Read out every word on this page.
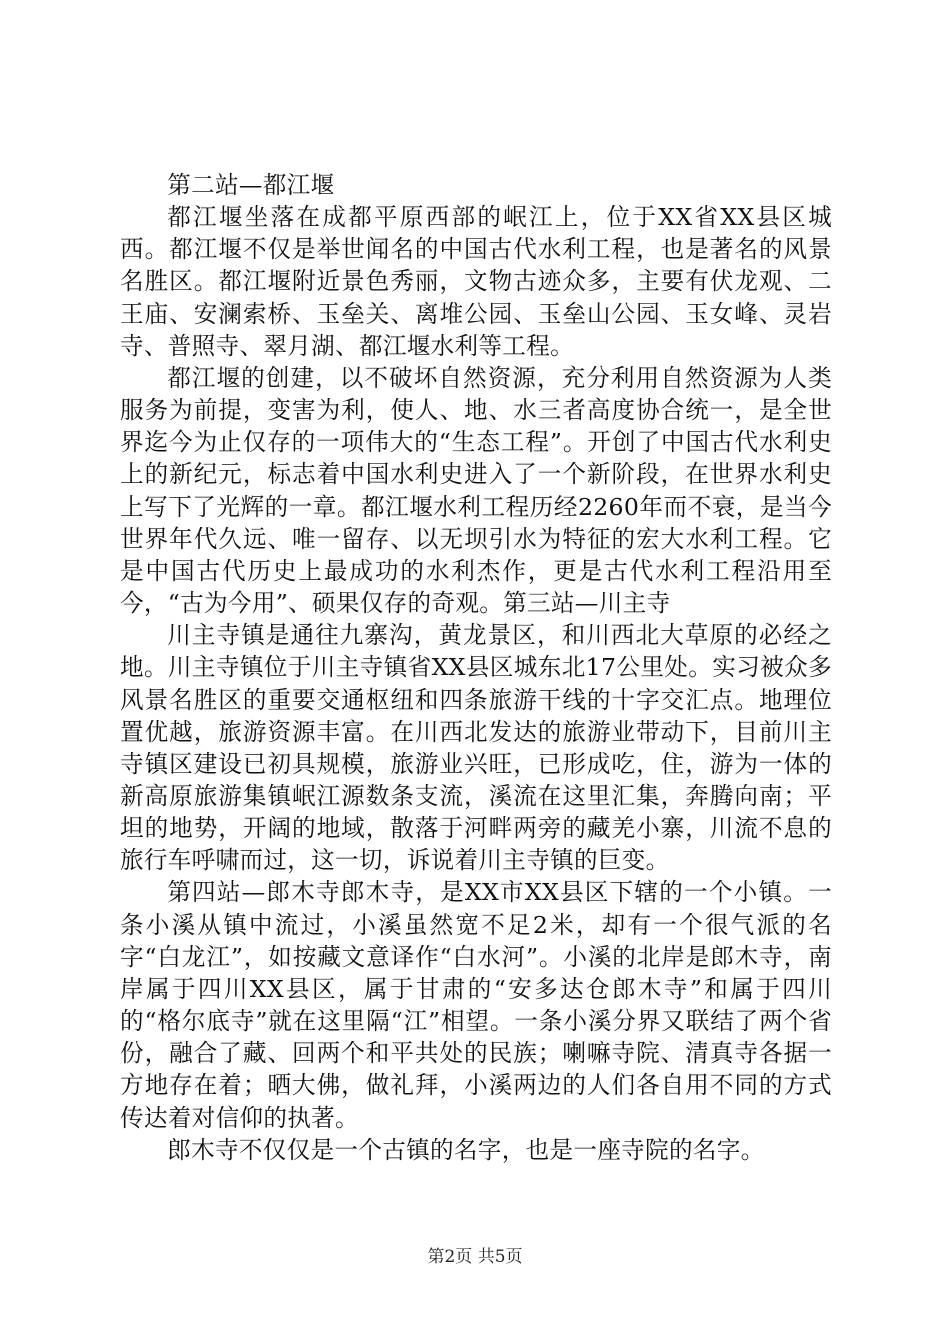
第二站—都江堰

都江堰坐落在成都平原西部的岷江上，位于XX省XX县区城西。都江堰不仅是举世闻名的中国古代水利工程，也是著名的风景名胜区。都江堰附近景色秀丽，文物古迹众多，主要有伏龙观、二王庙、安澜索桥、玉垒关、离堆公园、玉垒山公园、玉女峰、灵岩寺、普照寺、翠月湖、都江堰水利等工程。

都江堰的创建，以不破坏自然资源，充分利用自然资源为人类服务为前提，变害为利，使人、地、水三者高度协合统一，是全世界迄今为止仅存的一项伟大的“生态工程”。开创了中国古代水利史上的新纪元，标志着中国水利史进入了一个新阶段，在世界水利史上写下了光辉的一章。都江堰水利工程历经2260年而不衰，是当今世界年代久远、唯一留存、以无坝引水为特征的宏大水利工程。它是中国古代历史上最成功的水利杰作，更是古代水利工程沿用至今，“古为今用”、硕果仅存的奇观。第三站—川主寺

川主寺镇是通往九寨沟，黄龙景区，和川西北大草原的必经之地。川主寺镇位于川主寺镇省XX县区城东北17公里处。实习被众多风景名胜区的重要交通枢纽和四条旅游干线的十字交汇点。地理位置优越，旅游资源丰富。在川西北发达的旅游业带动下，目前川主寺镇区建设已初具规模，旅游业兴旺，已形成吃，住，游为一体的新高原旅游集镇岷江源数条支流，溪流在这里汇集，奔腾向南；平坦的地势，开阔的地域，散落于河畔两旁的藏羌小寨，川流不息的旅行车呼啸而过，这一切，诉说着川主寺镇的巨变。

第四站—郎木寺郎木寺，是XX市XX县区下辖的一个小镇。一条小溪从镇中流过，小溪虽然宽不足2米，却有一个很气派的名字“白龙江”，如按藏文意译作“白水河”。小溪的北岸是郎木寺，南岸属于四川XX县区，属于甘肃的“安多达仓郎木寺”和属于四川的“格尔底寺”就在这里隔“江”相望。一条小溪分界又联结了两个省份，融合了藏、回两个和平共处的民族；喇嘛寺院、清真寺各据一方地存在着；晒大佛，做礼拜，小溪两边的人们各自用不同的方式传达着对信仰的执著。

郎木寺不仅仅是一个古镇的名字，也是一座寺院的名字。

第2页 共5页
